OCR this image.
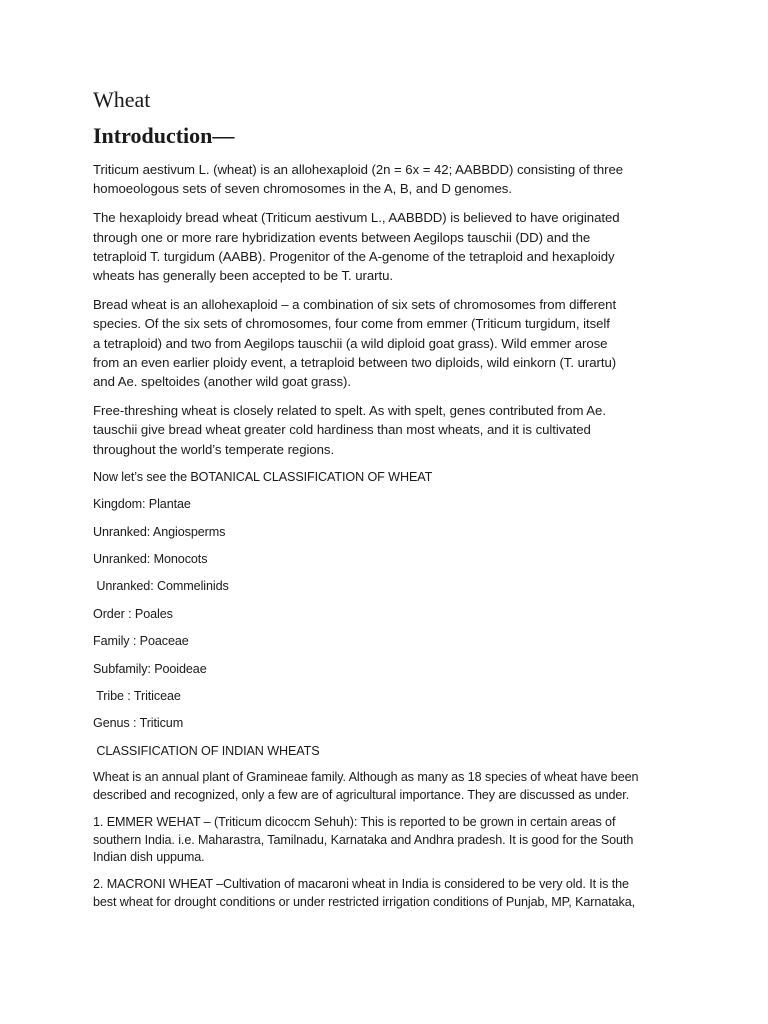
Wheat
Introduction—

Triticum aestivum L. (wheat) is an allohexaploid (2n = 6x = 42; AABBDD) consisting of three
homoeologous sets of seven chromosomes in the A, B, and D genomes.

The hexaploidy bread wheat (Triticum aestivum L., AABBDD) is believed to have originated
through one or more rare hybridization events between Aegilops tauschii (DD) and the
tetraploid T. turgidum (AABB). Progenitor of the A-genome of the tetraploid and hexaploidy
wheats has generally been accepted to be T. urartu.

Bread wheat is an allohexaploid – a combination of six sets of chromosomes from different
species. Of the six sets of chromosomes, four come from emmer (Triticum turgidum, itself
a tetraploid) and two from Aegilops tauschii (a wild diploid goat grass). Wild emmer arose
from an even earlier ploidy event, a tetraploid between two diploids, wild einkorn (T. urartu)
and Ae. speltoides (another wild goat grass).

Free-threshing wheat is closely related to spelt. As with spelt, genes contributed from Ae.
tauschii give bread wheat greater cold hardiness than most wheats, and it is cultivated
throughout the world’s temperate regions.

Now let’s see the BOTANICAL CLASSIFICATION OF WHEAT
Kingdom: Plantae
Unranked: Angiosperms
Unranked: Monocots
Unranked: Commelinids
Order : Poales
Family : Poaceae
Subfamily: Pooideae
Tribe : Triticeae
Genus : Triticum
CLASSIFICATION OF INDIAN WHEATS

Wheat is an annual plant of Gramineae family. Although as many as 18 species of wheat have been
described and recognized, only a few are of agricultural importance. They are discussed as under.

1. EMMER WEHAT – (Triticum dicoccm Sehuh): This is reported to be grown in certain areas of
southern India. i.e. Maharastra, Tamilnadu, Karnataka and Andhra pradesh. It is good for the South
Indian dish uppuma.

2. MACRONI WHEAT –Cultivation of macaroni wheat in India is considered to be very old. It is the
best wheat for drought conditions or under restricted irrigation conditions of Punjab, MP, Karnataka,
